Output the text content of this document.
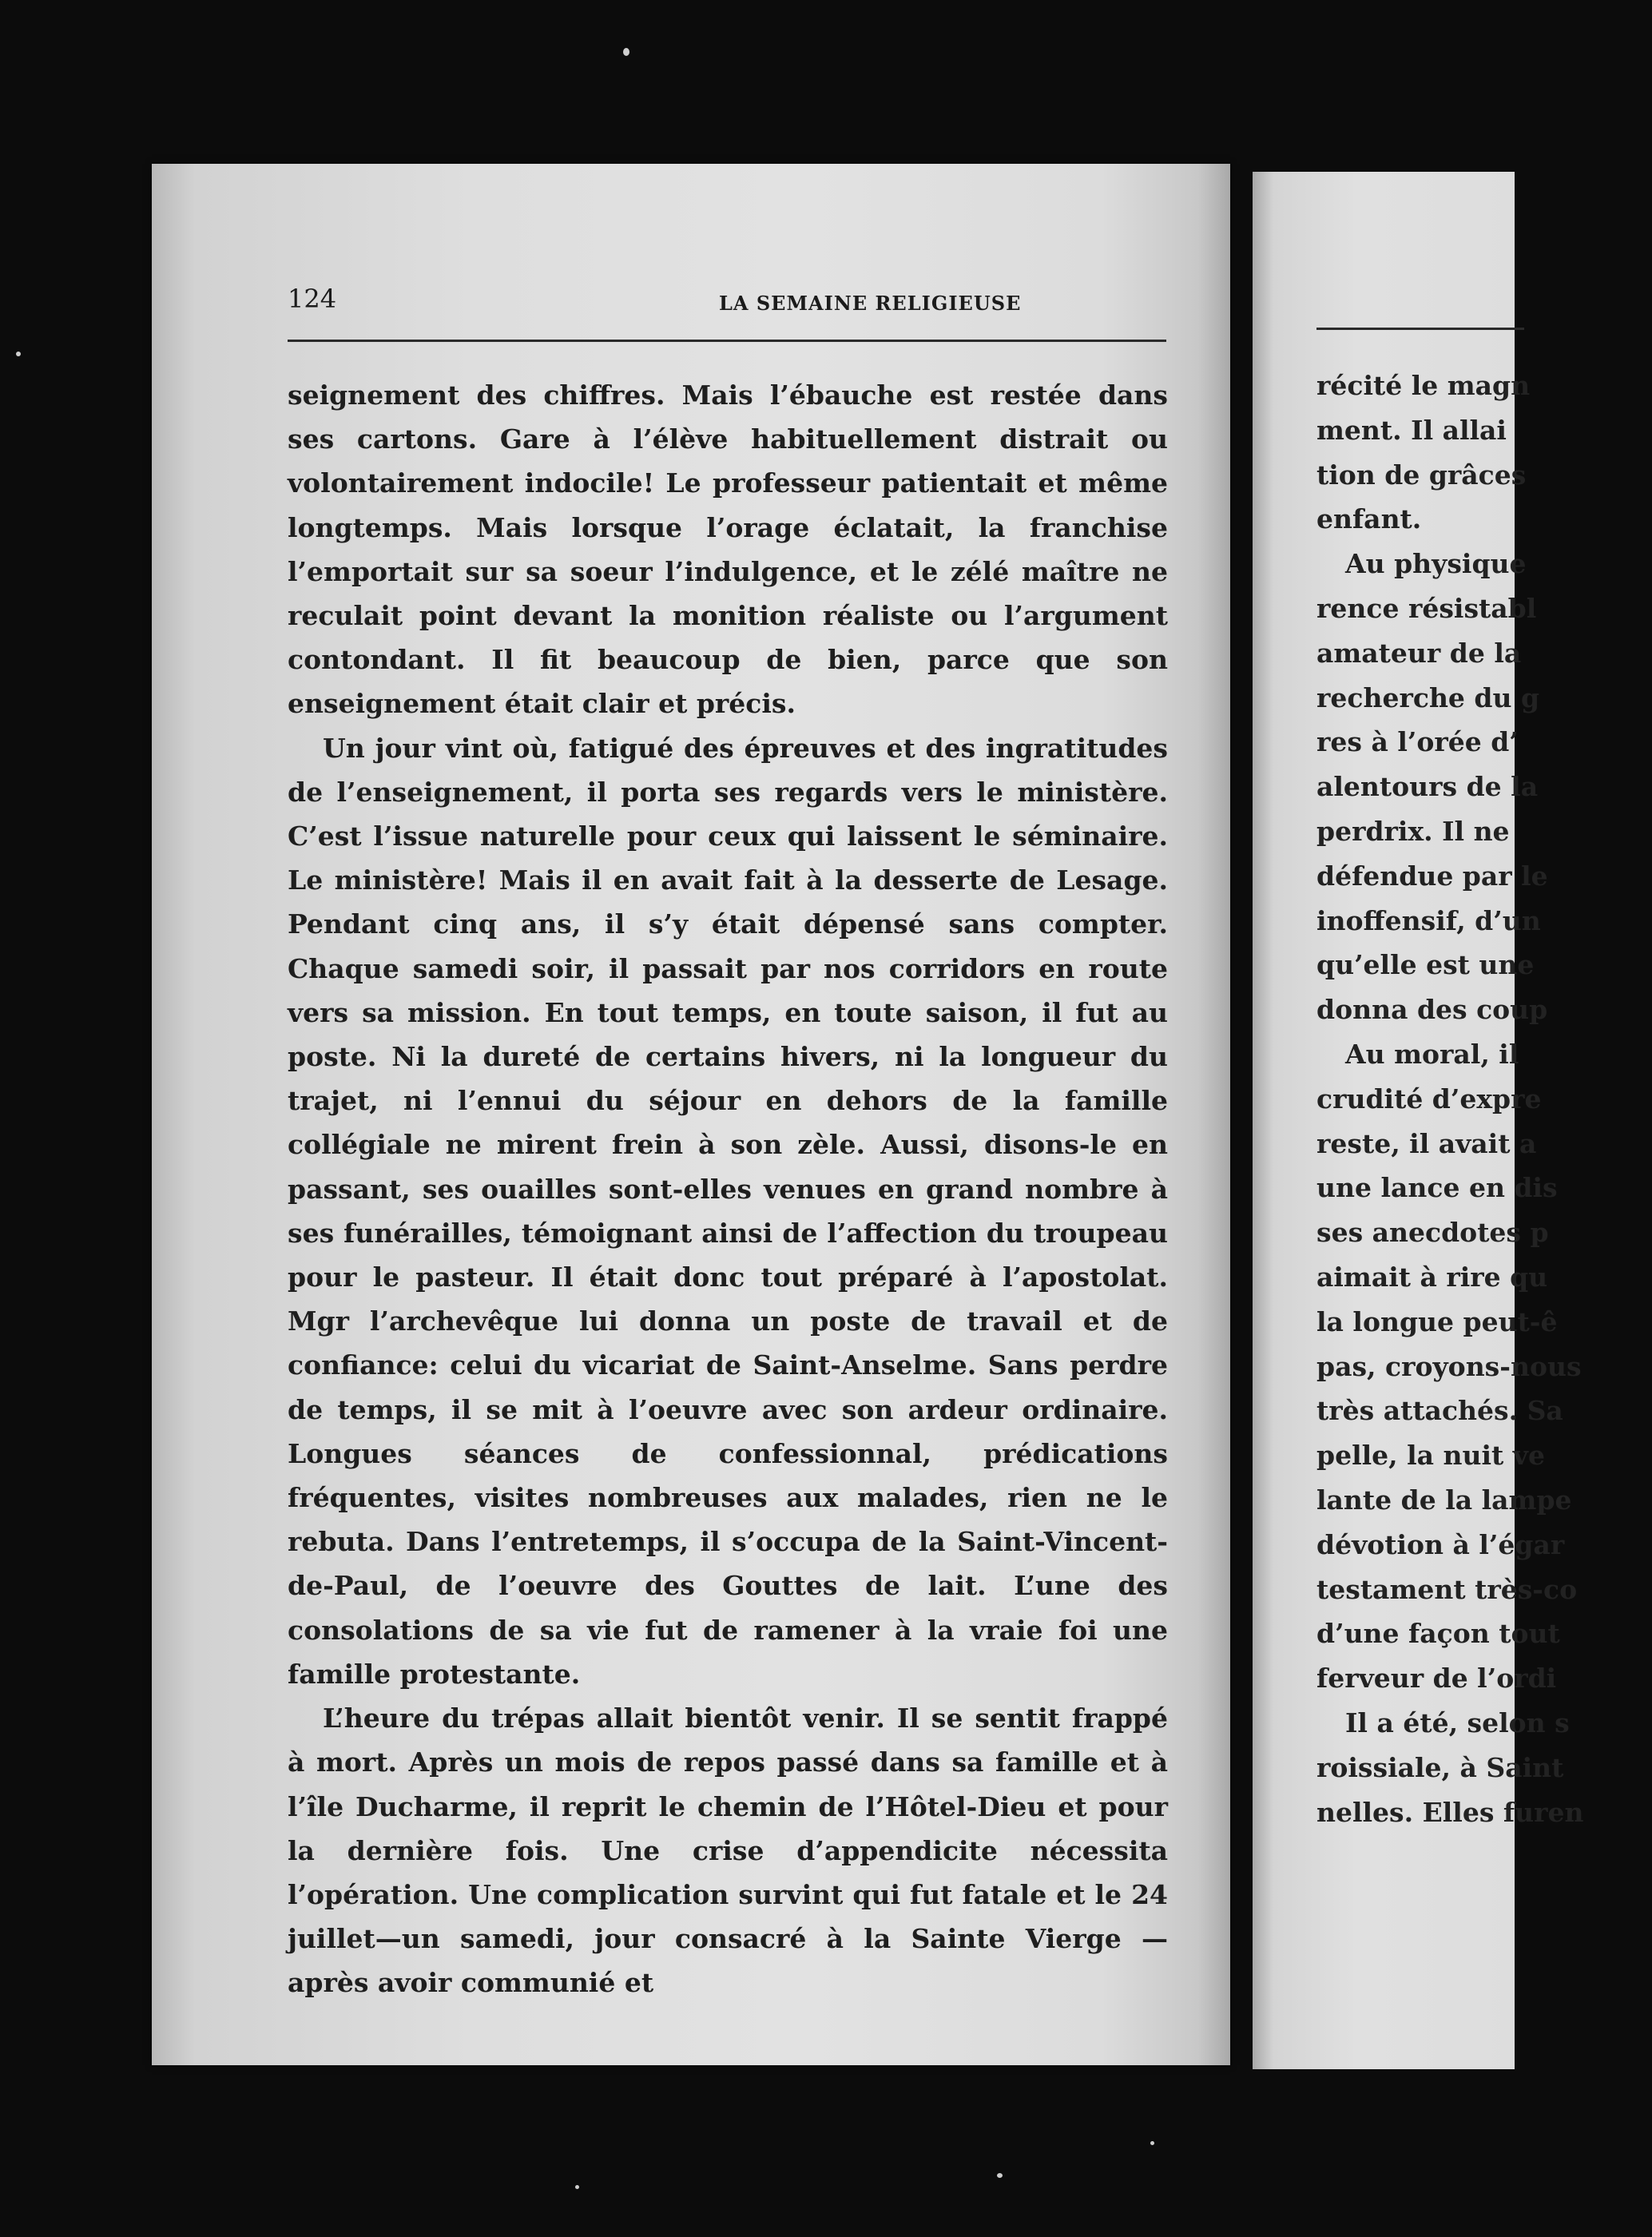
124	LA SEMAINE RELIGIEUSE

seignement des chiffres. Mais l’ébauche est restée dans ses cartons. Gare à l’élève habituellement distrait ou volontairement indocile! Le professeur patientait et même longtemps. Mais lorsque l’orage éclatait, la franchise l’emportait sur sa soeur l’indulgence, et le zélé maître ne reculait point devant la monition réaliste ou l’argument contondant. Il fit beaucoup de bien, parce que son enseignement était clair et précis.

Un jour vint où, fatigué des épreuves et des ingratitudes de l’enseignement, il porta ses regards vers le ministère. C’est l’issue naturelle pour ceux qui laissent le séminaire. Le ministère! Mais il en avait fait à la desserte de Lesage. Pendant cinq ans, il s’y était dépensé sans compter. Chaque samedi soir, il passait par nos corridors en route vers sa mission. En tout temps, en toute saison, il fut au poste. Ni la dureté de certains hivers, ni la longueur du trajet, ni l’ennui du séjour en dehors de la famille collégiale ne mirent frein à son zèle. Aussi, disons-le en passant, ses ouailles sont-elles venues en grand nombre à ses funérailles, témoignant ainsi de l’affection du troupeau pour le pasteur. Il était donc tout préparé à l’apostolat. Mgr l’archevêque lui donna un poste de travail et de confiance: celui du vicariat de Saint-Anselme. Sans perdre de temps, il se mit à l’oeuvre avec son ardeur ordinaire. Longues séances de confessionnal, prédications fréquentes, visites nombreuses aux malades, rien ne le rebuta. Dans l’entretemps, il s’occupa de la Saint-Vincent-de-Paul, de l’oeuvre des Gouttes de lait. L’une des consolations de sa vie fut de ramener à la vraie foi une famille protestante.

L’heure du trépas allait bientôt venir. Il se sentit frappé à mort. Après un mois de repos passé dans sa famille et à l’île Ducharme, il reprit le chemin de l’Hôtel-Dieu et pour la dernière fois. Une crise d’appendicite nécessita l’opération. Une complication survint qui fut fatale et le 24 juillet—un samedi, jour consacré à la Sainte Vierge — après avoir communié et

récité le magn
ment. Il allai
tion de grâces
enfant.
Au physique
rence résistabl
amateur de la
recherche du g
res à l’orée d’
alentours de la
perdrix. Il ne
défendue par le
inoffensif, d’un
qu’elle est une
donna des coup
Au moral, il
crudité d’expre
reste, il avait a
une lance en dis
ses anecdotes p
aimait à rire qu
la longue peut-ê
pas, croyons-nous
très attachés. Sa
pelle, la nuit ve
lante de la lampe
dévotion à l’égar
testament très-co
d’une façon tout
ferveur de l’ordi
Il a été, selon s
roissiale, à Saint
nelles. Elles furen
